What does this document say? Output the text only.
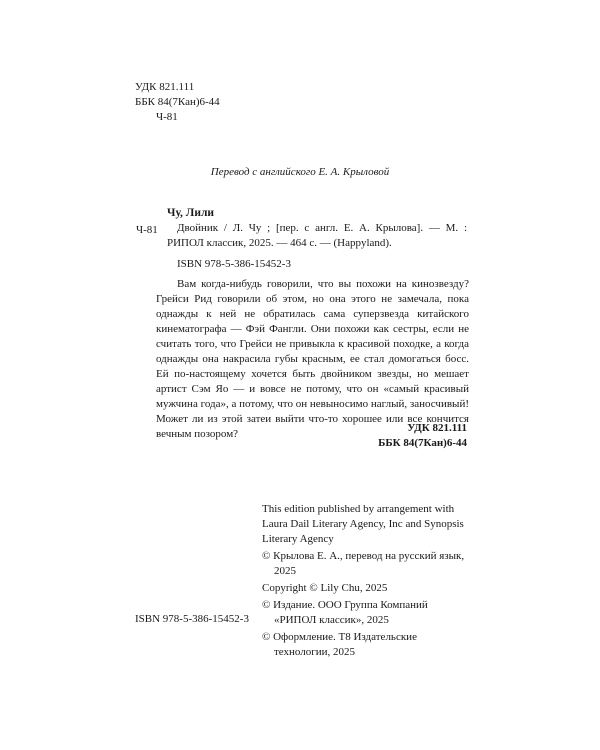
УДК 821.111
ББК 84(7Кан)6-44
Ч-81
Перевод с английского Е. А. Крыловой
Чу, Лили
Ч-81	Двойник / Л. Чу ; [пер. с англ. Е. А. Крылова]. — М. : РИПОЛ классик, 2025. — 464 с. — (Happyland).
ISBN 978-5-386-15452-3
Вам когда-нибудь говорили, что вы похожи на кинозвезду? Грейси Рид говорили об этом, но она этого не замечала, пока однажды к ней не обратилась сама суперзвезда китайского кинематографа — Фэй Фангли. Они похожи как сестры, если не считать того, что Грейси не привыкла к красивой походке, а когда однажды она накрасила губы красным, ее стал домогаться босс. Ей по-настоящему хочется быть двойником звезды, но мешает артист Сэм Яо — и вовсе не потому, что он «самый красивый мужчина года», а потому, что он невыносимо наглый, заносчивый! Может ли из этой затеи выйти что-то хорошее или все кончится вечным позором?	УДК 821.111
ББК 84(7Кан)6-44
This edition published by arrangement with Laura Dail Literary Agency, Inc and Synopsis Literary Agency
© Крылова Е. А., перевод на русский язык, 2025
Copyright © Lily Chu, 2025
© Издание. ООО Группа Компаний «РИПОЛ классик», 2025
© Оформление. Т8 Издательские технологии, 2025
ISBN 978-5-386-15452-3
